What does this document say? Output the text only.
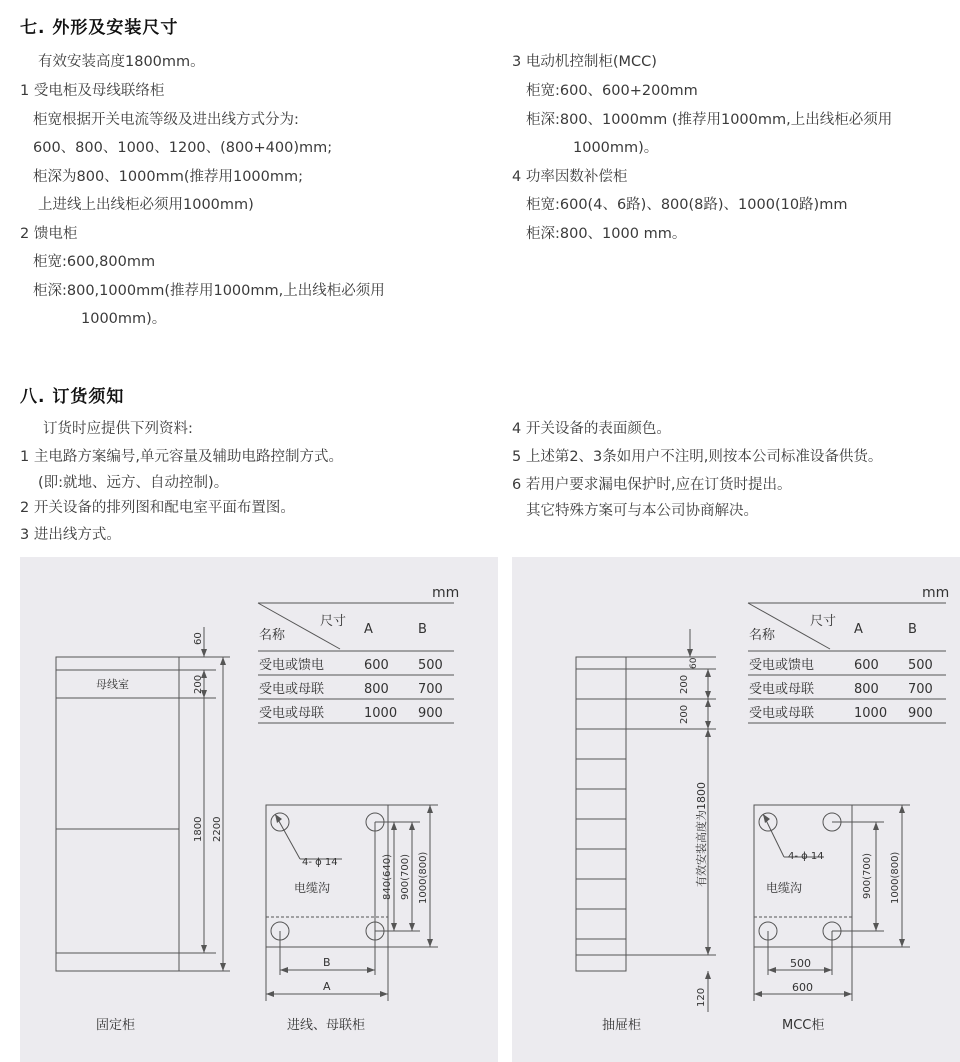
七. 外形及安装尺寸
有效安装高度1800mm。
1 受电柜及母线联络柜
柜宽根据开关电流等级及进出线方式分为:
600、800、1000、1200、(800+400)mm;
柜深为800、1000mm(推荐用1000mm;
上进线上出线柜必须用1000mm)
2 馈电柜
柜宽:600,800mm
柜深:800,1000mm(推荐用1000mm,上出线柜必须用
1000mm)。
3 电动机控制柜(MCC)
柜宽:600、600+200mm
柜深:800、1000mm (推荐用1000mm,上出线柜必须用
1000mm)。
4 功率因数补偿柜
柜宽:600(4、6路)、800(8路)、1000(10路)mm
柜深:800、1000 mm。
八. 订货须知
订货时应提供下列资料:
1 主电路方案编号,单元容量及辅助电路控制方式。
(即:就地、远方、自动控制)。
2 开关设备的排列图和配电室平面布置图。
3 进出线方式。
4 开关设备的表面颜色。
5 上述第2、3条如用户不注明,则按本公司标准设备供货。
6 若用户要求漏电保护时,应在订货时提出。
其它特殊方案可与本公司协商解决。
mm
尺寸
名称	A	B
受电或馈电	600 500
受电或母联	800 700
受电或母联	1000 900
母线室
60
200
1800 2200
固定柜
4- ϕ 14
电缆沟	840(640) 900(700) 1000(800)
B
A
进线、母联柜
mm
尺寸
名称	A	B
受电或馈电	600 500
受电或母联	800 700
受电或母联	1000 900
60
200
200
有效安装高度为1800
120
抽屉柜
4- ϕ 14
电缆沟	900(700) 1000(800)
500
600
MCC柜
